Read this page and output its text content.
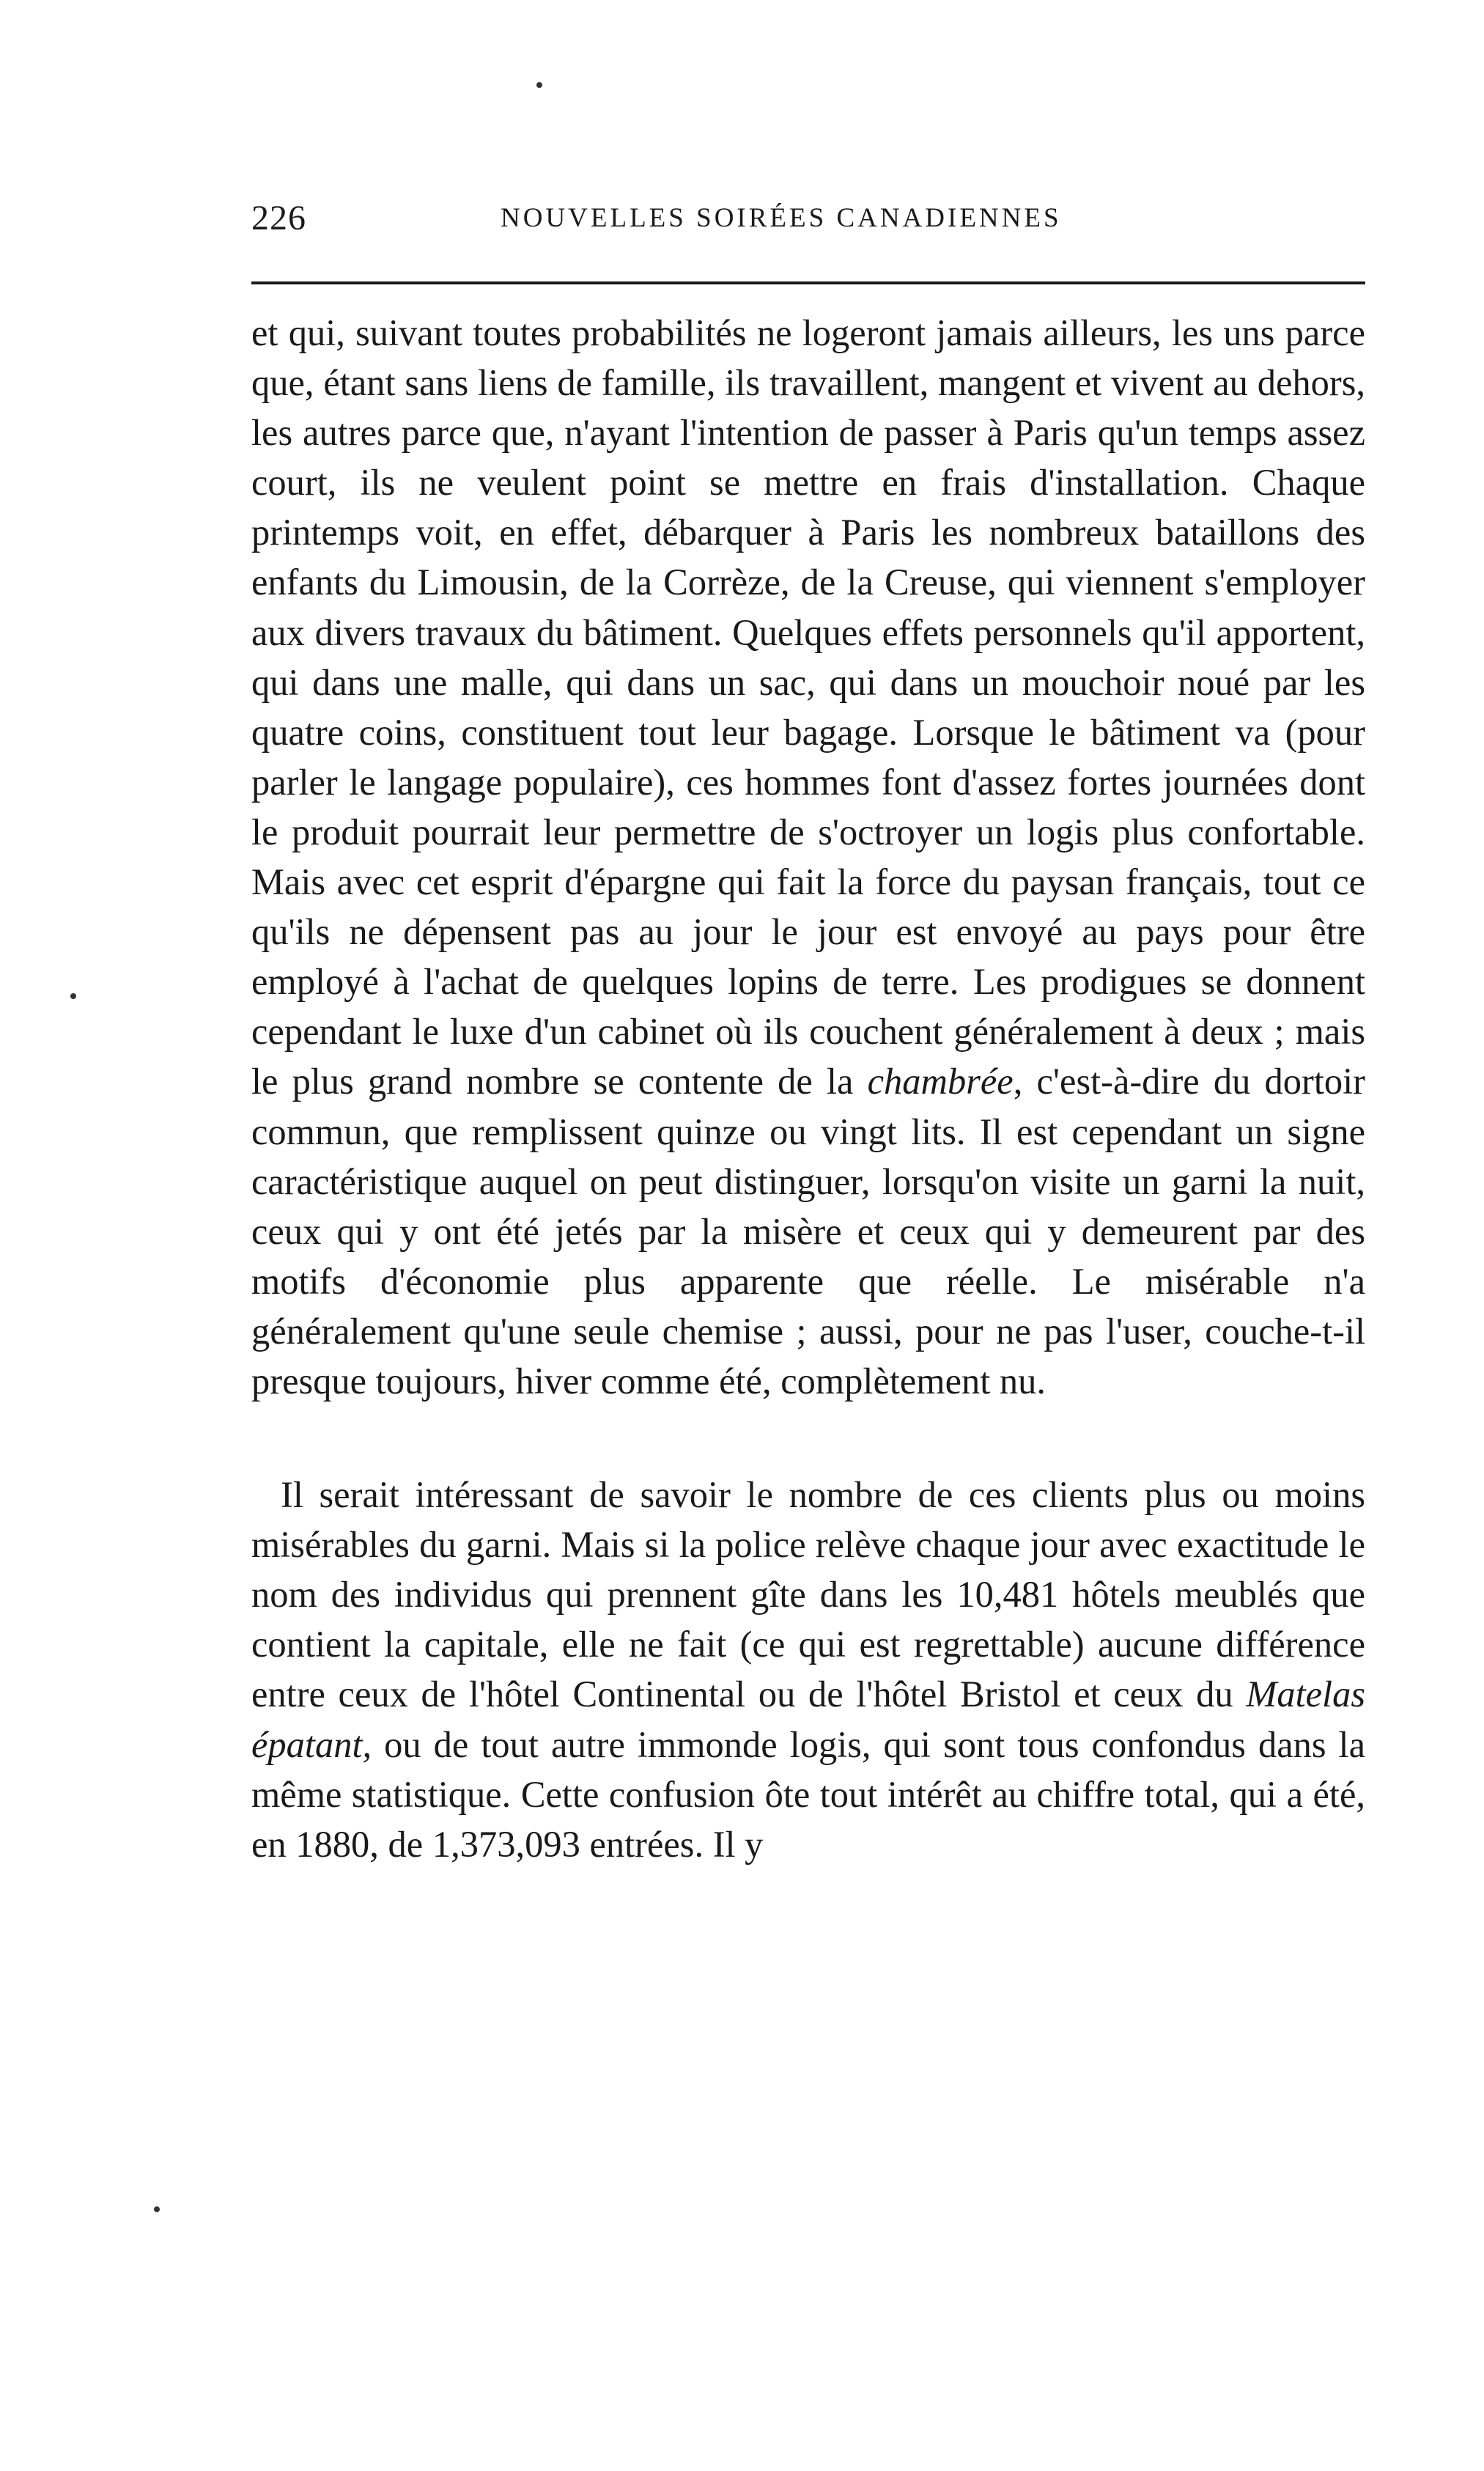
226	NOUVELLES SOIRÉES CANADIENNES

et qui, suivant toutes probabilités ne logeront jamais ailleurs, les uns parce que, étant sans liens de famille, ils travaillent, mangent et vivent au dehors, les autres parce que, n'ayant l'intention de passer à Paris qu'un temps assez court, ils ne veulent point se mettre en frais d'installation. Chaque printemps voit, en effet, débarquer à Paris les nombreux bataillons des enfants du Limousin, de la Corrèze, de la Creuse, qui viennent s'employer aux divers travaux du bâtiment. Quelques effets personnels qu'il apportent, qui dans une malle, qui dans un sac, qui dans un mouchoir noué par les quatre coins, constituent tout leur bagage. Lorsque le bâtiment va (pour parler le langage populaire), ces hommes font d'assez fortes journées dont le produit pourrait leur permettre de s'octroyer un logis plus confortable. Mais avec cet esprit d'épargne qui fait la force du paysan français, tout ce qu'ils ne dépensent pas au jour le jour est envoyé au pays pour être employé à l'achat de quelques lopins de terre. Les prodigues se donnent cependant le luxe d'un cabinet où ils couchent généralement à deux ; mais le plus grand nombre se contente de la chambrée, c'est-à-dire du dortoir commun, que remplissent quinze ou vingt lits. Il est cependant un signe caractéristique auquel on peut distinguer, lorsqu'on visite un garni la nuit, ceux qui y ont été jetés par la misère et ceux qui y demeurent par des motifs d'économie plus apparente que réelle. Le misérable n'a généralement qu'une seule chemise ; aussi, pour ne pas l'user, couche-t-il presque toujours, hiver comme été, complètement nu.

Il serait intéressant de savoir le nombre de ces clients plus ou moins misérables du garni. Mais si la police relève chaque jour avec exactitude le nom des individus qui prennent gîte dans les 10,481 hôtels meublés que contient la capitale, elle ne fait (ce qui est regrettable) aucune différence entre ceux de l'hôtel Continental ou de l'hôtel Bristol et ceux du Matelas épatant, ou de tout autre immonde logis, qui sont tous confondus dans la même statistique. Cette confusion ôte tout intérêt au chiffre total, qui a été, en 1880, de 1,373,093 entrées. Il y
